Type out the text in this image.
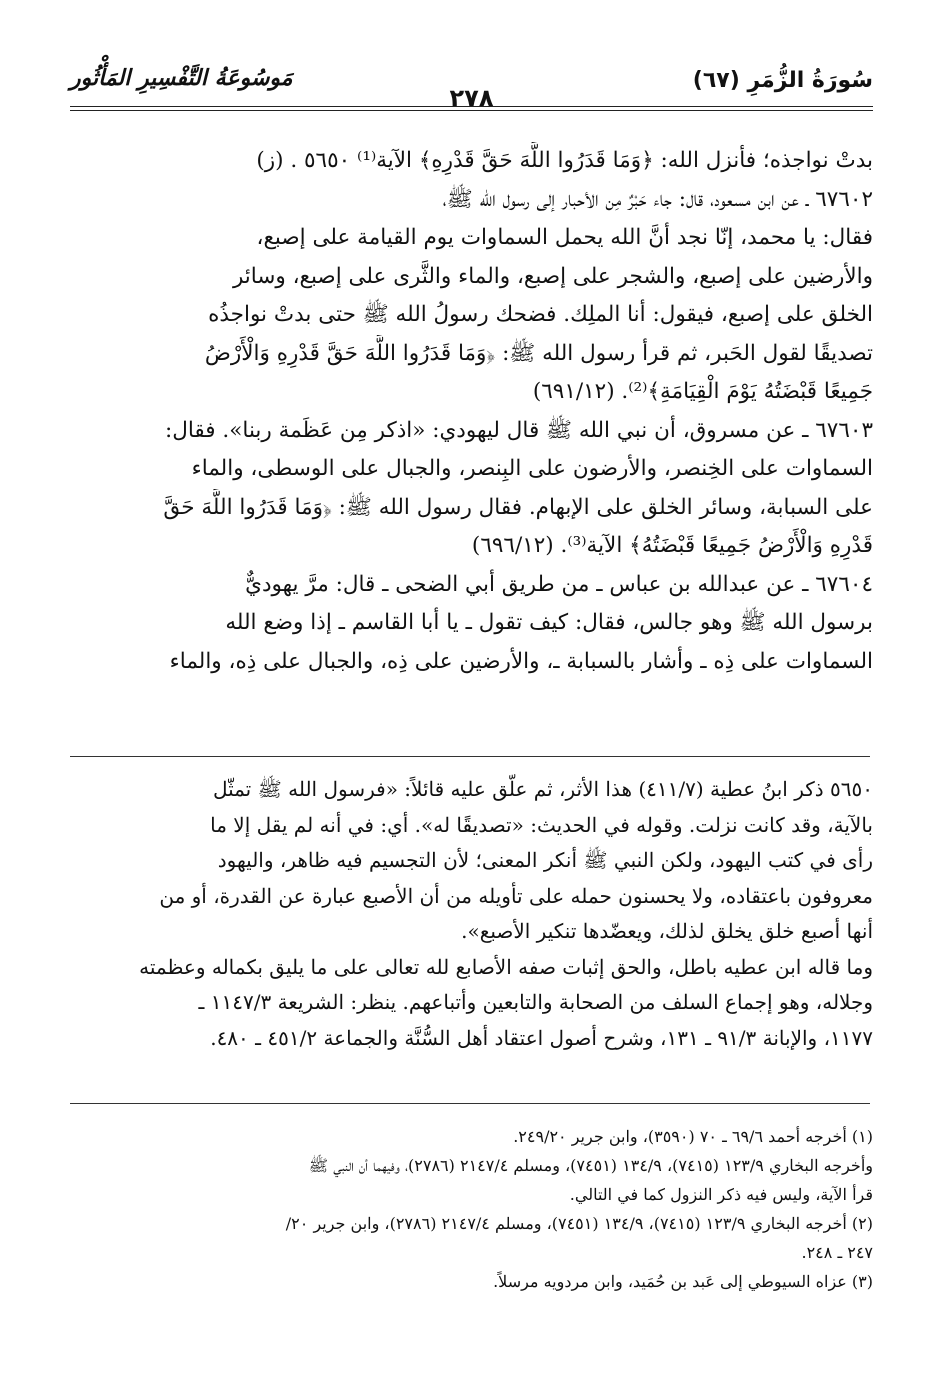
سُورَةُ الزُّمَرِ (٦٧)
٢٧٨
مَوسُوعَةُ التَّفْسِيرِ المَأْثُور
بدتْ نواجذه؛ فأنزل الله: ﴿وَمَا قَدَرُوا اللَّهَ حَقَّ قَدْرِهِ﴾ الآية⁽¹⁾ ٥٦٥٠ . (ز)
٦٧٦٠٢ ـ عن ابن مسعود، قال: جاء حَبْرٌ مِن الأحبار إلى رسول الله ﷺ،
فقال: يا محمد، إنّا نجد أنَّ الله يحمل السماوات يوم القيامة على إصبع،
والأرضين على إصبع، والشجر على إصبع، والماء والثَّرى على إصبع، وسائر
الخلق على إصبع، فيقول: أنا الملِك. فضحك رسولُ الله ﷺ حتى بدتْ نواجذُه
تصديقًا لقول الحَبر، ثم قرأ رسول الله ﷺ: ﴿وَمَا قَدَرُوا اللَّهَ حَقَّ قَدْرِهِ وَالْأَرْضُ
جَمِيعًا قَبْضَتُهُ يَوْمَ الْقِيَامَةِ﴾⁽²⁾. (٦٩١/١٢)
٦٧٦٠٣ ـ عن مسروق، أن نبي الله ﷺ قال ليهودي: «اذكر مِن عَظَمة ربنا». فقال:
السماوات على الخِنصر، والأرضون على البِنصر، والجبال على الوسطى، والماء
على السبابة، وسائر الخلق على الإبهام. فقال رسول الله ﷺ: ﴿وَمَا قَدَرُوا اللَّهَ حَقَّ
قَدْرِهِ وَالْأَرْضُ جَمِيعًا قَبْضَتُهُ﴾ الآية⁽³⁾. (٦٩٦/١٢)
٦٧٦٠٤ ـ عن عبدالله بن عباس ـ من طريق أبي الضحى ـ قال: مرَّ يهوديٌّ
برسول الله ﷺ وهو جالس، فقال: كيف تقول ـ يا أبا القاسم ـ إذا وضع الله
السماوات على ذِه ـ وأشار بالسبابة ـ، والأرضين على ذِه، والجبال على ذِه، والماء
٥٦٥٠ ذكر ابنُ عطية (٤١١/٧) هذا الأثر، ثم علّق عليه قائلاً: «فرسول الله ﷺ تمثّل
بالآية، وقد كانت نزلت. وقوله في الحديث: «تصديقًا له». أي: في أنه لم يقل إلا ما
رأى في كتب اليهود، ولكن النبي ﷺ أنكر المعنى؛ لأن التجسيم فيه ظاهر، واليهود
معروفون باعتقاده، ولا يحسنون حمله على تأويله من أن الأصبع عبارة عن القدرة، أو من
أنها أصبع خلق يخلق لذلك، ويعضّدها تنكير الأصبع».
وما قاله ابن عطيه باطل، والحق إثبات صفه الأصابع لله تعالى على ما يليق بكماله وعظمته
وجلاله، وهو إجماع السلف من الصحابة والتابعين وأتباعهم. ينظر: الشريعة ١١٤٧/٣ ـ
١١٧٧، والإبانة ٩١/٣ ـ ١٣١، وشرح أصول اعتقاد أهل السُّنَّة والجماعة ٤٥١/٢ ـ ٤٨٠.
(١) أخرجه أحمد ٦٩/٦ ـ ٧٠ (٣٥٩٠)، وابن جرير ٢٤٩/٢٠.
وأخرجه البخاري ١٢٣/٩ (٧٤١٥)، ١٣٤/٩ (٧٤٥١)، ومسلم ٢١٤٧/٤ (٢٧٨٦)، وفيهما أن النبي ﷺ
قرأ الآية، وليس فيه ذكر النزول كما في التالي.
(٢) أخرجه البخاري ١٢٣/٩ (٧٤١٥)، ١٣٤/٩ (٧٤٥١)، ومسلم ٢١٤٧/٤ (٢٧٨٦)، وابن جرير ٢٠/
٢٤٧ ـ ٢٤٨.
(٣) عزاه السيوطي إلى عَبد بن حُمَيد، وابن مردويه مرسلاً.
